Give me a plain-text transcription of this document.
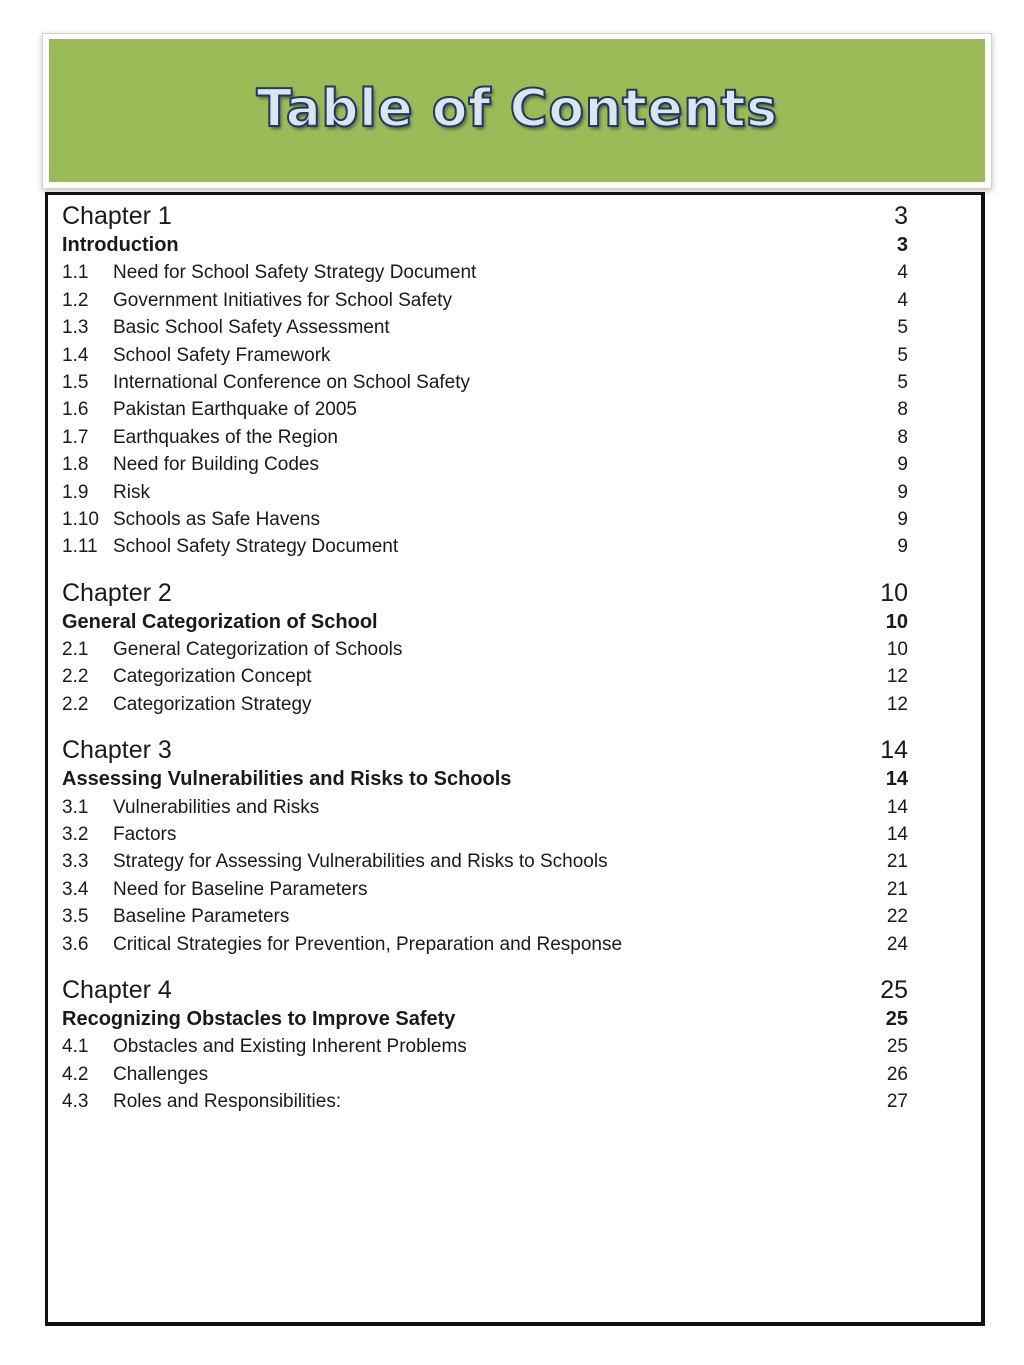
Table of Contents
Chapter 1	3
Introduction	3
1.1 Need for School Safety Strategy Document	4
1.2 Government Initiatives for School Safety	4
1.3 Basic School Safety Assessment	5
1.4 School Safety Framework	5
1.5 International Conference on School Safety	5
1.6 Pakistan Earthquake of 2005	8
1.7 Earthquakes of the Region	8
1.8 Need for Building Codes	9
1.9 Risk	9
1.10 Schools as Safe Havens	9
1.11 School Safety Strategy Document	9
Chapter 2	10
General Categorization of School	10
2.1 General Categorization of Schools	10
2.2 Categorization Concept	12
2.2 Categorization Strategy	12
Chapter 3	14
Assessing Vulnerabilities and Risks to Schools	14
3.1 Vulnerabilities and Risks	14
3.2 Factors	14
3.3 Strategy for Assessing Vulnerabilities and Risks to Schools	21
3.4 Need for Baseline Parameters	21
3.5 Baseline Parameters	22
3.6 Critical Strategies for Prevention, Preparation and Response	24
Chapter 4	25
Recognizing Obstacles to Improve Safety	25
4.1 Obstacles and Existing Inherent Problems	25
4.2 Challenges	26
4.3 Roles and Responsibilities:	27
